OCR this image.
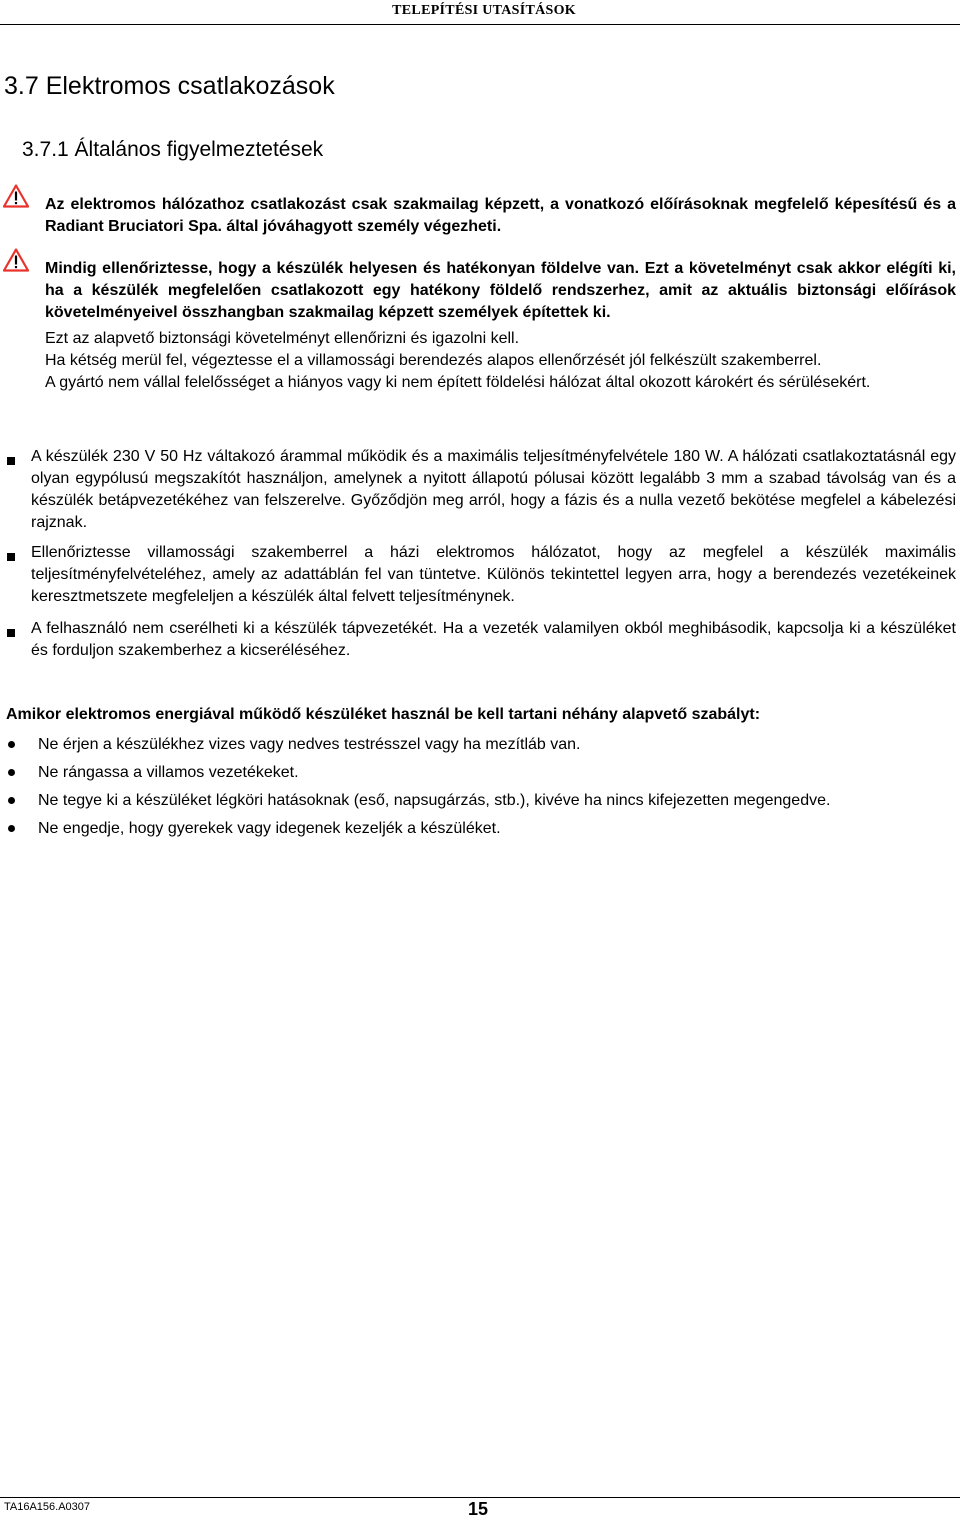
TELEPÍTÉSI UTASÍTÁSOK
3.7 Elektromos csatlakozások
3.7.1 Általános figyelmeztetések

Az elektromos hálózathoz csatlakozást csak szakmailag képzett, a vonatkozó előírásoknak megfelelő képesítésű és a Radiant Bruciatori Spa. által jóváhagyott személy végezheti.

Mindig ellenőriztesse, hogy a készülék helyesen és hatékonyan földelve van. Ezt a követelményt csak akkor elégíti ki, ha a készülék megfelelően csatlakozott egy hatékony földelő rendszerhez, amit az aktuális biztonsági előírások követelményeivel összhangban szakmailag képzett személyek építettek ki.

Ezt az alapvető biztonsági követelményt ellenőrizni és igazolni kell.

Ha kétség merül fel, végeztesse el a villamossági berendezés alapos ellenőrzését jól felkészült szakemberrel.

A gyártó nem vállal felelősséget a hiányos vagy ki nem épített földelési hálózat által okozott károkért és sérülésekért.

A készülék 230 V 50 Hz váltakozó árammal működik és a maximális teljesítményfelvétele 180 W. A hálózati csatlakoztatásnál egy olyan egypólusú megszakítót használjon, amelynek a nyitott állapotú pólusai között legalább 3 mm a szabad távolság van és a készülék betápvezetékéhez van felszerelve. Győződjön meg arról, hogy a fázis és a nulla vezető bekötése megfelel a kábelezési rajznak.

Ellenőriztesse villamossági szakemberrel a házi elektromos hálózatot, hogy az megfelel a készülék maximális teljesítményfelvételéhez, amely az adattáblán fel van tüntetve. Különös tekintettel legyen arra, hogy a berendezés vezetékeinek keresztmetszete megfeleljen a készülék által felvett teljesítménynek.

A felhasználó nem cserélheti ki a készülék tápvezetékét. Ha a vezeték valamilyen okból meghibásodik, kapcsolja ki a készüléket és forduljon szakemberhez a kicseréléséhez.

Amikor elektromos energiával működő készüléket használ be kell tartani néhány alapvető szabályt:
Ne érjen a készülékhez vizes vagy nedves testrésszel vagy ha mezítláb van.
Ne rángassa a villamos vezetékeket.
Ne tegye ki a készüléket légköri hatásoknak (eső, napsugárzás, stb.), kivéve ha nincs kifejezetten megengedve.
Ne engedje, hogy gyerekek vagy idegenek kezeljék a készüléket.
TA16A156.A0307	15
